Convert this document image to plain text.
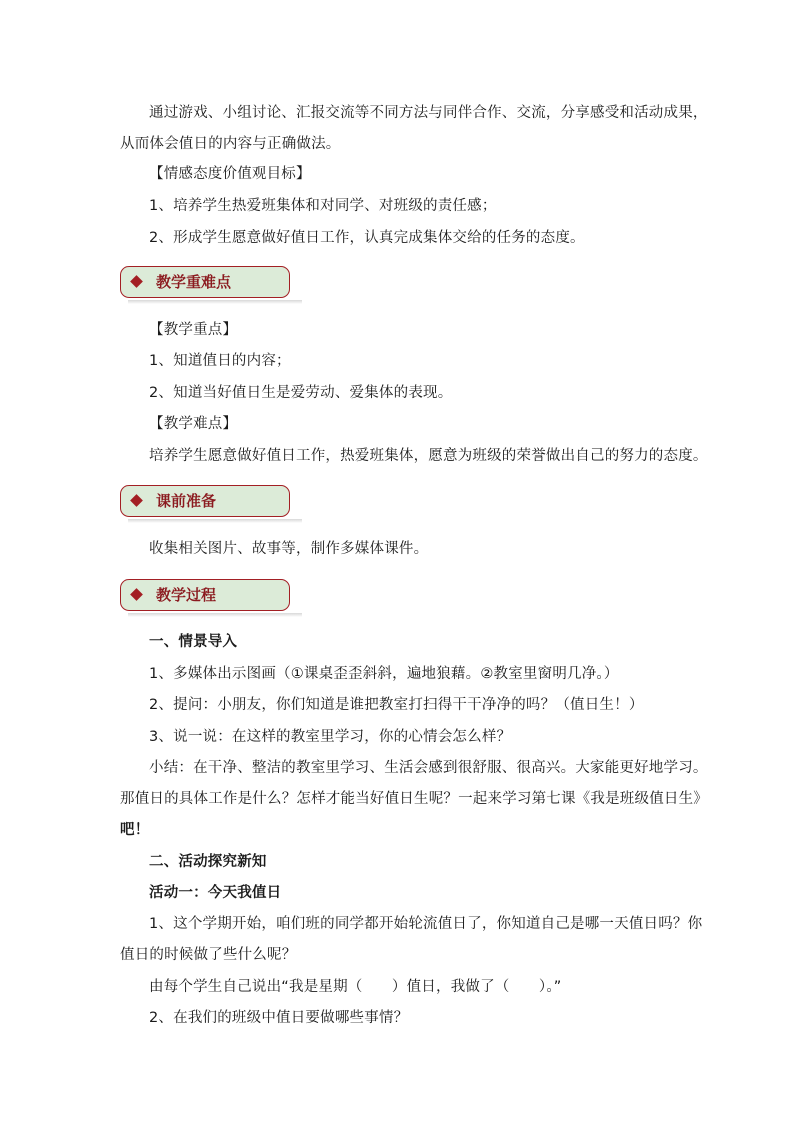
通过游戏、小组讨论、汇报交流等不同方法与同伴合作、交流，分享感受和活动成果，
从而体会值日的内容与正确做法。
【情感态度价值观目标】
1、培养学生热爱班集体和对同学、对班级的责任感；
2、形成学生愿意做好值日工作，认真完成集体交给的任务的态度。
教学重难点
【教学重点】
1、知道值日的内容；
2、知道当好值日生是爱劳动、爱集体的表现。
【教学难点】
培养学生愿意做好值日工作，热爱班集体，愿意为班级的荣誉做出自己的努力的态度。
课前准备
收集相关图片、故事等，制作多媒体课件。
教学过程
一、情景导入
1、多媒体出示图画（①课桌歪歪斜斜，遍地狼藉。②教室里窗明几净。）
2、提问：小朋友，你们知道是谁把教室打扫得干干净净的吗？（值日生！）
3、说一说：在这样的教室里学习，你的心情会怎么样？
小结：在干净、整洁的教室里学习、生活会感到很舒服、很高兴。大家能更好地学习。
那值日的具体工作是什么？怎样才能当好值日生呢？一起来学习第七课《我是班级值日生》
吧！
二、活动探究新知
活动一：今天我值日
1、这个学期开始，咱们班的同学都开始轮流值日了，你知道自己是哪一天值日吗？你
值日的时候做了些什么呢？
由每个学生自己说出“我是星期（　　）值日，我做了（　　）。”
2、在我们的班级中值日要做哪些事情？
